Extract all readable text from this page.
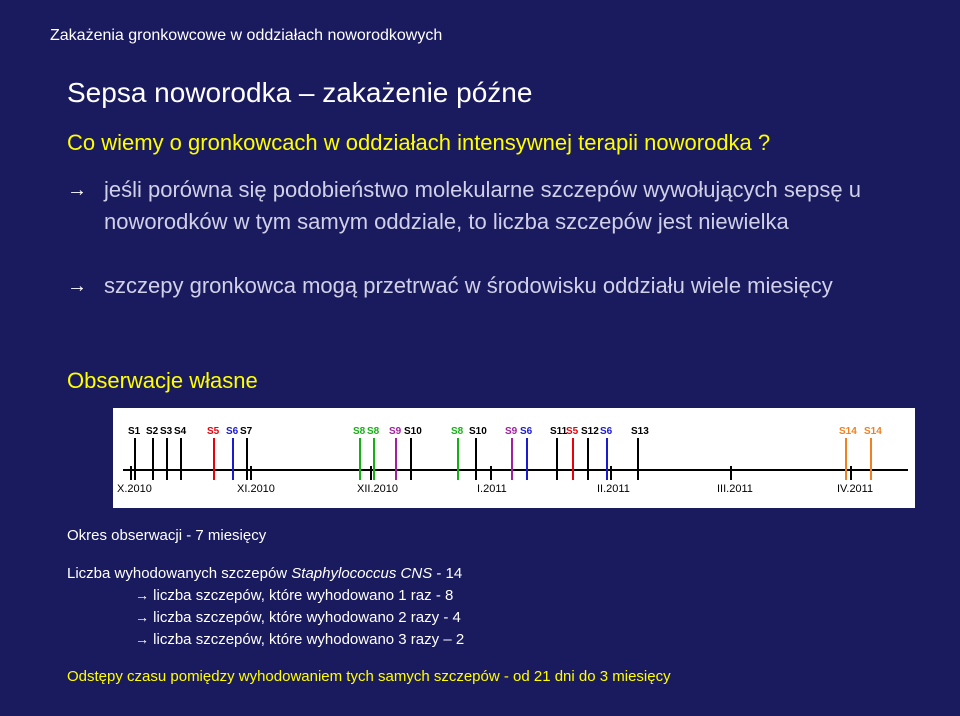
Zakażenia gronkowcowe w oddziałach noworodkowych
Sepsa noworodka – zakażenie późne
Co wiemy o gronkowcach w oddziałach intensywnej terapii noworodka ?
→ jeśli porówna się podobieństwo molekularne szczepów wywołujących sepsę u noworodków w tym samym oddziale, to liczba szczepów jest niewielka
→ szczepy gronkowca mogą przetrwać w środowisku oddziału wiele miesięcy
Obserwacje własne
X.2010	XI.2010	XII.2010	I.2011	II.2011	III.2011	IV.2011
S1 S2 S3 S4 S5 S6 S7	S8 S8 S9 S10	S8 S10 S9 S6 S11
S5 S12 S6 S13	S14 S14
Okres obserwacji - 7 miesięcy
Liczba wyhodowanych szczepów Staphylococcus CNS - 14
→ liczba szczepów, które wyhodowano 1 raz - 8
→ liczba szczepów, które wyhodowano 2 razy - 4
→ liczba szczepów, które wyhodowano 3 razy – 2
Odstępy czasu pomiędzy wyhodowaniem tych samych szczepów - od 21 dni do 3 miesięcy
